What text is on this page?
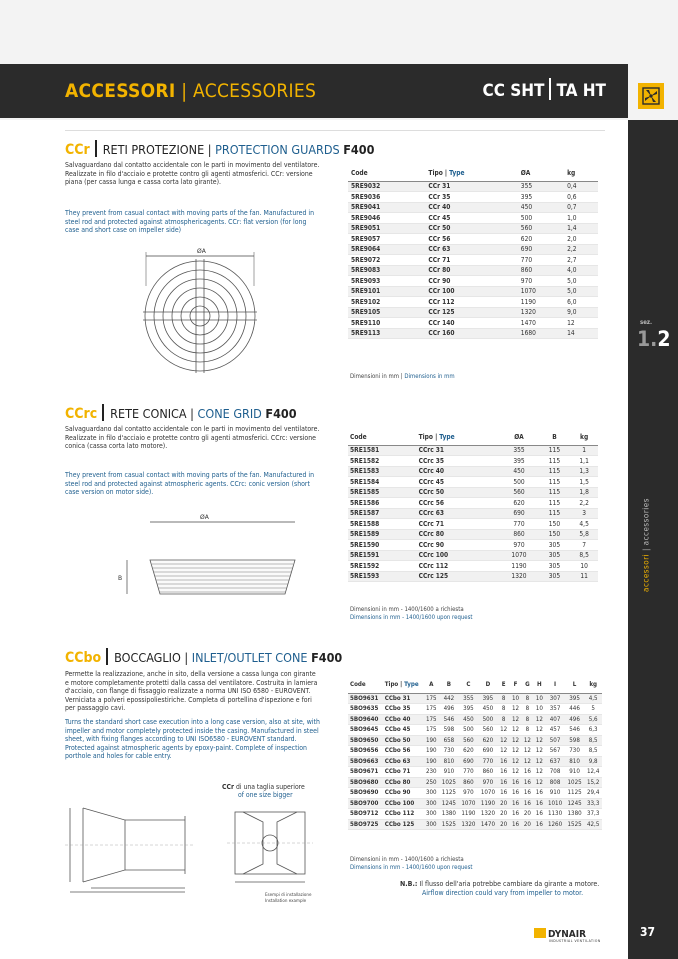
ACCESSORI | ACCESSORIES	CC SHT TA HT
sez.
1.2
accessori | accessories
37
CCr RETI PROTEZIONE | PROTECTION GUARDS F400
Salvaguardano dal contatto accidentale con le parti in movimento del ventilatore. Realizzate in filo d'acciaio e protette contro gli agenti atmosferici. CCr: versione piana (per cassa lunga e cassa corta lato girante).
They prevent from casual contact with moving parts of the fan. Manufactured in steel rod and protected against atmosphericagents. CCr: flat version (for long case and short case on impeller side)
ØA
Code	Tipo | Type	ØA	kg
5RE9032	CCr 31	355	0,4
5RE9036	CCr 35	395	0,6
5RE9041	CCr 40	450	0,7
5RE9046	CCr 45	500	1,0
5RE9051	CCr 50	560	1,4
5RE9057	CCr 56	620	2,0
5RE9064	CCr 63	690	2,2
5RE9072	CCr 71	770	2,7
5RE9083	CCr 80	860	4,0
5RE9093	CCr 90	970	5,0
5RE9101	CCr 100	1070	5,0
5RE9102	CCr 112	1190	6,0
5RE9105	CCr 125	1320	9,0
5RE9110	CCr 140	1470	12
5RE9113	CCr 160	1680	14
Dimensioni in mm | Dimensions in mm
CCrc RETE CONICA | CONE GRID F400
Salvaguardano dal contatto accidentale con le parti in movimento del ventilatore. Realizzate in filo d'acciaio e protette contro gli agenti atmosferici. CCrc: versione conica (cassa corta lato motore).
They prevent from casual contact with moving parts of the fan. Manufactured in steel rod and protected against atmospheric agents. CCrc: conic version (short case version on motor side).
ØA
B
Code	Tipo | Type	ØA	B	kg
5RE1581	CCrc 31	355	115	1
5RE1582	CCrc 35	395	115	1,1
5RE1583	CCrc 40	450	115	1,3
5RE1584	CCrc 45	500	115	1,5
5RE1585	CCrc 50	560	115	1,8
5RE1586	CCrc 56	620	115	2,2
5RE1587	CCrc 63	690	115	3
5RE1588	CCrc 71	770	150	4,5
5RE1589	CCrc 80	860	150	5,8
5RE1590	CCrc 90	970	305	7
5RE1591	CCrc 100	1070	305	8,5
5RE1592	CCrc 112	1190	305	10
5RE1593	CCrc 125	1320	305	11
Dimensioni in mm - 1400/1600 a richiesta
Dimensions in mm - 1400/1600 upon request
CCbo BOCCAGLIO | INLET/OUTLET CONE F400
Permette la realizzazione, anche in sito, della versione a cassa lunga con girante e motore completamente protetti dalla cassa del ventilatore. Costruita in lamiera d'acciaio, con flange di fissaggio realizzate a norma UNI ISO 6580 - EUROVENT. Verniciata a polveri epossipoliestiriche. Completa di portellina d'ispezione e fori per passaggio cavi.
Turns the standard short case execution into a long case version, also at site, with impeller and motor completely protected inside the casing. Manufactured in steel sheet, with fixing flanges according to UNI ISO6580 - EUROVENT standard. Protected against atmospheric agents by epoxy-paint. Complete of inspection porthole and holes for cable entry.
CCr di una taglia superiore
of one size bigger
Esempi di installazione
Installation example
Code	Tipo | Type	A	B	C	D	E	F	G	H	I	L	kg
5BO9631	CCbo 31	175	442	355	395	8	10	8	10	307	395	4,5
5BO9635	CCbo 35	175	496	395	450	8	12	8	10	357	446	5
5BO9640	CCbo 40	175	546	450	500	8	12	8	12	407	496	5,6
5BO9645	CCbo 45	175	598	500	560	12	12	8	12	457	546	6,3
5BO9650	CCbo 50	190	658	560	620	12	12	12	12	507	598	8,5
5BO9656	CCbo 56	190	730	620	690	12	12	12	12	567	730	8,5
5BO9663	CCbo 63	190	810	690	770	16	12	12	12	637	810	9,8
5BO9671	CCbo 71	230	910	770	860	16	12	16	12	708	910	12,4
5BO9680	CCbo 80	250	1025	860	970	16	16	16	12	808	1025	15,2
5BO9690	CCbo 90	300	1125	970	1070	16	16	16	16	910	1125	29,4
5BO9700	CCbo 100	300	1245	1070	1190	20	16	16	16	1010	1245	33,3
5BO9712	CCbo 112	300	1380	1190	1320	20	16	20	16	1130	1380	37,3
5BO9725	CCbo 125	300	1525	1320	1470	20	16	20	16	1260	1525	42,5
Dimensioni in mm - 1400/1600 a richiesta
Dimensions in mm - 1400/1600 upon request
N.B.: Il flusso dell'aria potrebbe cambiare da girante a motore.
Airflow direction could vary from impeller to motor.
DYNAIR
INDUSTRIAL VENTILATION
